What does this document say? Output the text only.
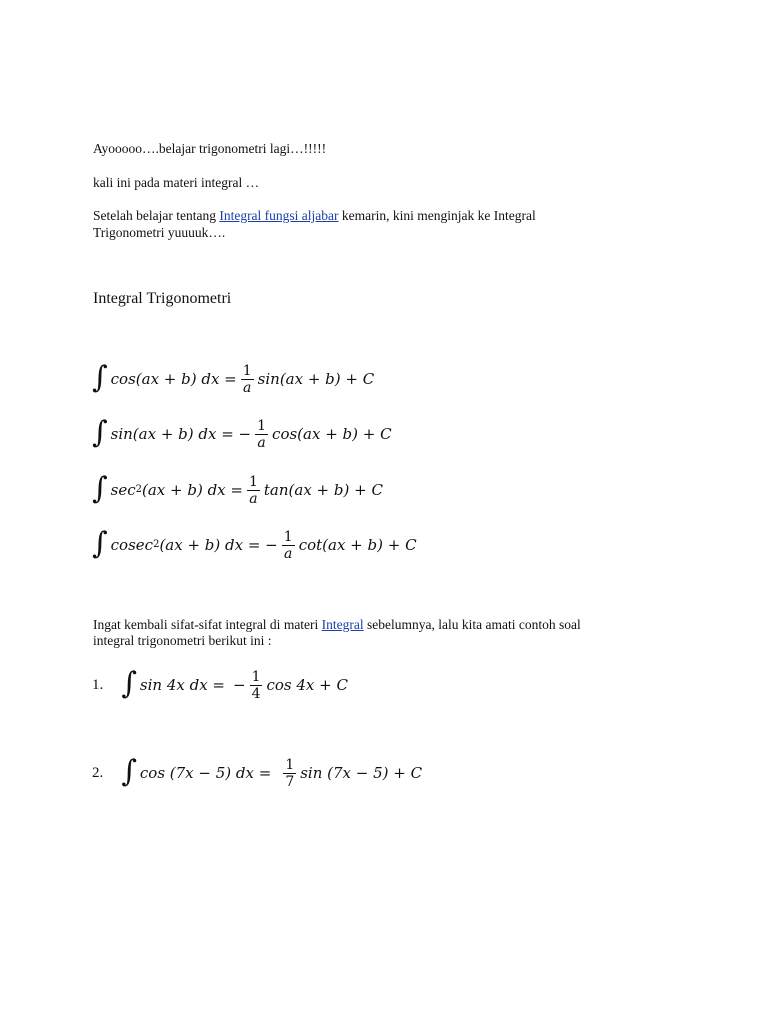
Ayooooo….belajar trigonometri lagi…!!!!!
kali ini pada materi integral …
Setelah belajar tentang Integral fungsi aljabar kemarin, kini menginjak ke Integral
Trigonometri yuuuuk….
Integral Trigonometri
∫ cos(ax + b) dx = $\frac{1}{a} \sin(ax + b) + C$
∫ sin(ax + b) dx = − $\frac{1}{a} \cos(ax + b) + C$
∫ sec 2 (ax + b) dx = $\frac{1}{a} \tan(ax + b) + C$
∫ cosec 2 (ax + b) dx = − $\frac{1}{a} \cot(ax + b) + C$
Ingat kembali sifat-sifat integral di materi Integral sebelumnya, lalu kita amati contoh soal
integral trigonometri berikut ini :
1. ∫ sin 4x dx = − $\frac{1}{4}$ cos 4x + C
2. ∫ cos (7x − 5) dx = $\frac{1}{7}$ sin (7x − 5) + C
